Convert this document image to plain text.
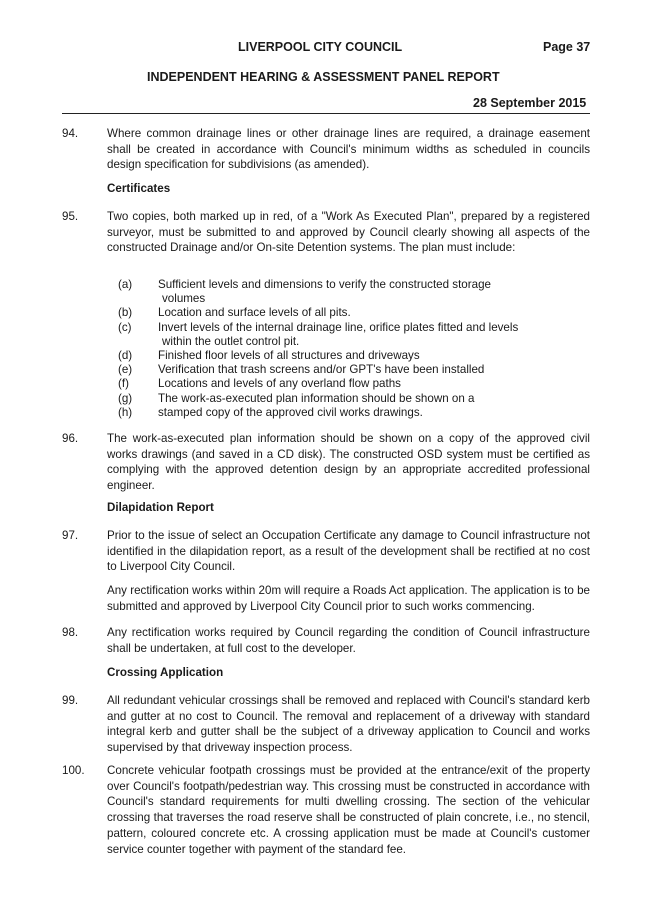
LIVERPOOL CITY COUNCIL	Page 37
INDEPENDENT HEARING & ASSESSMENT PANEL REPORT
28 September 2015
94. Where common drainage lines or other drainage lines are required, a drainage easement shall be created in accordance with Council's minimum widths as scheduled in councils design specification for subdivisions (as amended).
Certificates
95. Two copies, both marked up in red, of a "Work As Executed Plan", prepared by a registered surveyor, must be submitted to and approved by Council clearly showing all aspects of the constructed Drainage and/or On-site Detention systems. The plan must include:
(a) Sufficient levels and dimensions to verify the constructed storage
volumes
(b) Location and surface levels of all pits.
(c) Invert levels of the internal drainage line, orifice plates fitted and levels
within the outlet control pit.
(d) Finished floor levels of all structures and driveways
(e) Verification that trash screens and/or GPT's have been installed
(f)	Locations and levels of any overland flow paths
(g) The work-as-executed plan information should be shown on a
(h) stamped copy of the approved civil works drawings.
96. The work-as-executed plan information should be shown on a copy of the approved civil works drawings (and saved in a CD disk). The constructed OSD system must be certified as complying with the approved detention design by an appropriate accredited professional engineer.
Dilapidation Report
97. Prior to the issue of select an Occupation Certificate any damage to Council infrastructure not identified in the dilapidation report, as a result of the development shall be rectified at no cost to Liverpool City Council.
Any rectification works within 20m will require a Roads Act application. The application is to be submitted and approved by Liverpool City Council prior to such works commencing.
98. Any rectification works required by Council regarding the condition of Council infrastructure shall be undertaken, at full cost to the developer.
Crossing Application
99. All redundant vehicular crossings shall be removed and replaced with Council's standard kerb and gutter at no cost to Council. The removal and replacement of a driveway with standard integral kerb and gutter shall be the subject of a driveway application to Council and works supervised by that driveway inspection process.
100. Concrete vehicular footpath crossings must be provided at the entrance/exit of the property over Council's footpath/pedestrian way. This crossing must be constructed in accordance with Council's standard requirements for multi dwelling crossing. The section of the vehicular crossing that traverses the road reserve shall be constructed of plain concrete, i.e., no stencil, pattern, coloured concrete etc. A crossing application must be made at Council's customer service counter together with payment of the standard fee.
